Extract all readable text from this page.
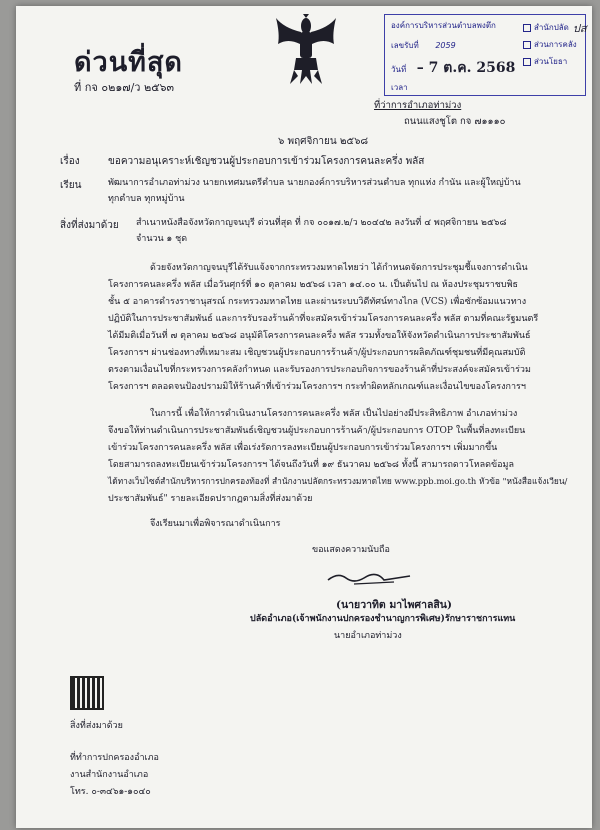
ด่วนที่สุด
ที่ กจ ๐๒๑๗/ว ๒๕๖๓
องค์การบริหารส่วนตำบลพงตึก
เลขรับที่ 2059
วันที่ – 7 ต.ค. 2568
เวลา
สำนักปลัด ปส
ส่วนการคลัง
ส่วนโยธา
ที่ว่าการอำเภอท่าม่วง
ถนนแสงชูโต กจ ๗๑๑๑๐
๖ พฤศจิกายน ๒๕๖๘
เรื่อง	ขอความอนุเคราะห์เชิญชวนผู้ประกอบการเข้าร่วมโครงการคนละครึ่ง พลัส
เรียน	พัฒนาการอำเภอท่าม่วง นายกเทศมนตรีตำบล นายกองค์การบริหารส่วนตำบล ทุกแห่ง กำนัน และผู้ใหญ่บ้าน
ทุกตำบล ทุกหมู่บ้าน
สิ่งที่ส่งมาด้วย สำเนาหนังสือจังหวัดกาญจนบุรี ด่วนที่สุด ที่ กจ ๐๐๑๗.๒/ว ๒๐๔๔๒ ลงวันที่ ๔ พฤศจิกายน ๒๕๖๘
จำนวน ๑ ชุด
ด้วยจังหวัดกาญจนบุรีได้รับแจ้งจากกระทรวงมหาดไทยว่า ได้กำหนดจัดการประชุมชี้แจงการดำเนิน
โครงการคนละครึ่ง พลัส เมื่อวันศุกร์ที่ ๑๐ ตุลาคม ๒๕๖๘ เวลา ๑๔.๐๐ น. เป็นต้นไป ณ ห้องประชุมราชบพิธ
ชั้น ๕ อาคารดำรงราชานุสรณ์ กระทรวงมหาดไทย และผ่านระบบวิดีทัศน์ทางไกล (VCS) เพื่อซักซ้อมแนวทาง
ปฏิบัติในการประชาสัมพันธ์ และการรับรองร้านค้าที่จะสมัครเข้าร่วมโครงการคนละครึ่ง พลัส ตามที่คณะรัฐมนตรี
ได้มีมติเมื่อวันที่ ๗ ตุลาคม ๒๕๖๘ อนุมัติโครงการคนละครึ่ง พลัส รวมทั้งขอให้จังหวัดดำเนินการประชาสัมพันธ์
โครงการฯ ผ่านช่องทางที่เหมาะสม เชิญชวนผู้ประกอบการร้านค้า/ผู้ประกอบการผลิตภัณฑ์ชุมชนที่มีคุณสมบัติ
ตรงตามเงื่อนไขที่กระทรวงการคลังกำหนด และรับรองการประกอบกิจการของร้านค้าที่ประสงค์จะสมัครเข้าร่วม
โครงการฯ ตลอดจนป้องปรามมิให้ร้านค้าที่เข้าร่วมโครงการฯ กระทำผิดหลักเกณฑ์และเงื่อนไขของโครงการฯ
ในการนี้ เพื่อให้การดำเนินงานโครงการคนละครึ่ง พลัส เป็นไปอย่างมีประสิทธิภาพ อำเภอท่าม่วง
จึงขอให้ท่านดำเนินการประชาสัมพันธ์เชิญชวนผู้ประกอบการร้านค้า/ผู้ประกอบการ OTOP ในพื้นที่ลงทะเบียน
เข้าร่วมโครงการคนละครึ่ง พลัส เพื่อเร่งรัดการลงทะเบียนผู้ประกอบการเข้าร่วมโครงการฯ เพิ่มมากขึ้น
โดยสามารถลงทะเบียนเข้าร่วมโครงการฯ ได้จนถึงวันที่ ๑๙ ธันวาคม ๒๕๖๘ ทั้งนี้ สามารถดาวโหลดข้อมูล
ได้ทางเว็บไซต์สำนักบริหารการปกครองท้องที่ สำนักงานปลัดกระทรวงมหาดไทย www.ppb.moi.go.th หัวข้อ "หนังสือแจ้งเวียน/
ประชาสัมพันธ์" รายละเอียดปรากฏตามสิ่งที่ส่งมาด้วย
จึงเรียนมาเพื่อพิจารณาดำเนินการ
ขอแสดงความนับถือ
(นายวาทิต มาไพศาลสิน)
ปลัดอำเภอ(เจ้าพนักงานปกครองชำนาญการพิเศษ)รักษาราชการแทน
นายอำเภอท่าม่วง
สิ่งที่ส่งมาด้วย
ที่ทำการปกครองอำเภอ
งานสำนักงานอำเภอ
โทร. ๐-๓๔๖๑-๑๐๔๐
